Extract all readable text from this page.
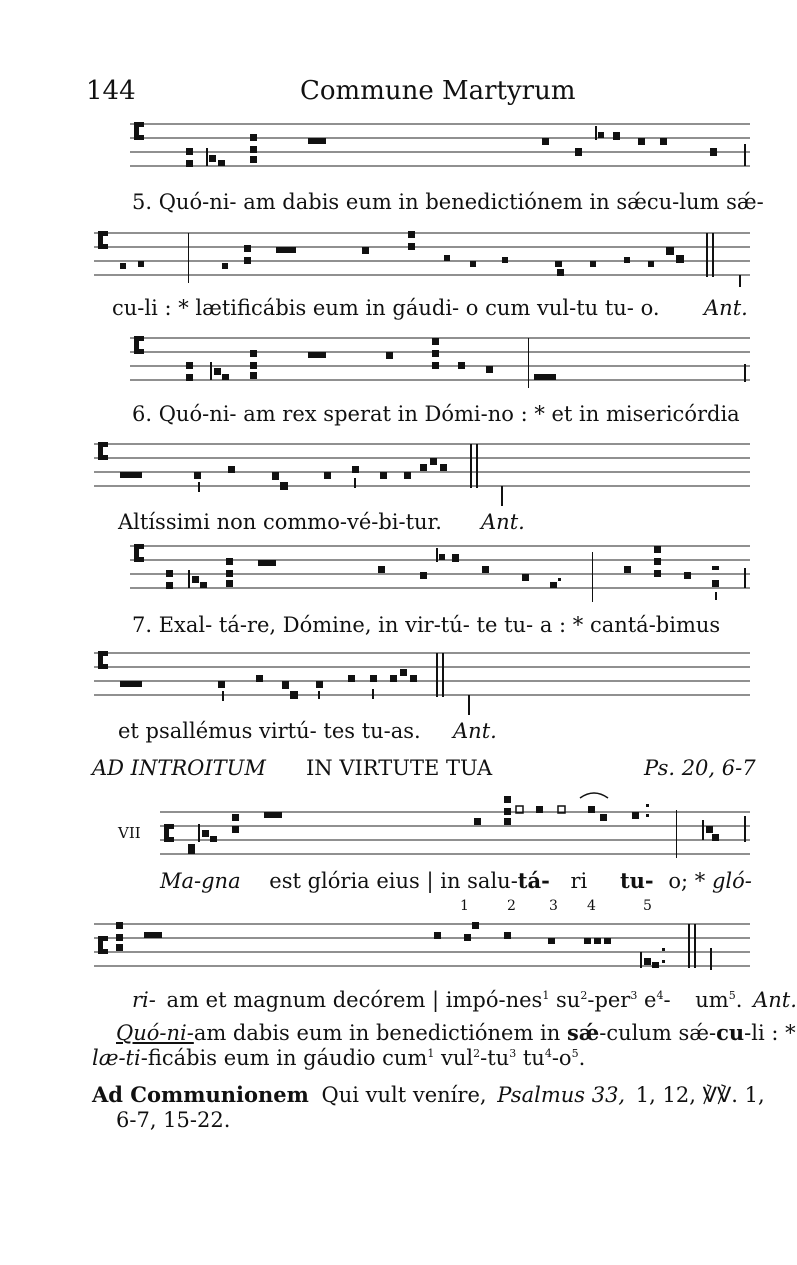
144	Commune Martyrum
5. Quó-ni- am dabis eum in benedictiónem in sǽcu-lum sǽ-
cu-li : * lætificábis eum in gáudi- o cum vul-tu tu- o. Ant.
6. Quó-ni- am rex sperat in Dómi-no : * et in misericórdia
Altíssimi non commo-vé-bi-tur. Ant.
7. Exal- tá-re, Dómine, in vir-tú- te tu- a : * cantá-bimus
et psallémus virtú- tes tu-as. Ant.
AD INTROITUM IN VIRTUTE TUA	Ps. 20, 6-7
VII
Ma-gna est glória eius | in salu-tá- ri tu- o; * gló-
1	2 3 4	5
ri- am et magnum decórem | impó-nes$^1$ $su^2-per^3$ $e^4-$ $um^5$. Ant.
Quó-ni-am dabis eum in benedictiónem in sǽ-culum sǽ-cu-li : *
læ-ti-ficábis eum in gáudio cum$^1$ $vul^2-tu^3$ $tu^4-o^5$.
Ad Communionem Qui vult veníre, Psalmus 33, 1, 12, ℣℣. 1,
6-7, 15-22.
